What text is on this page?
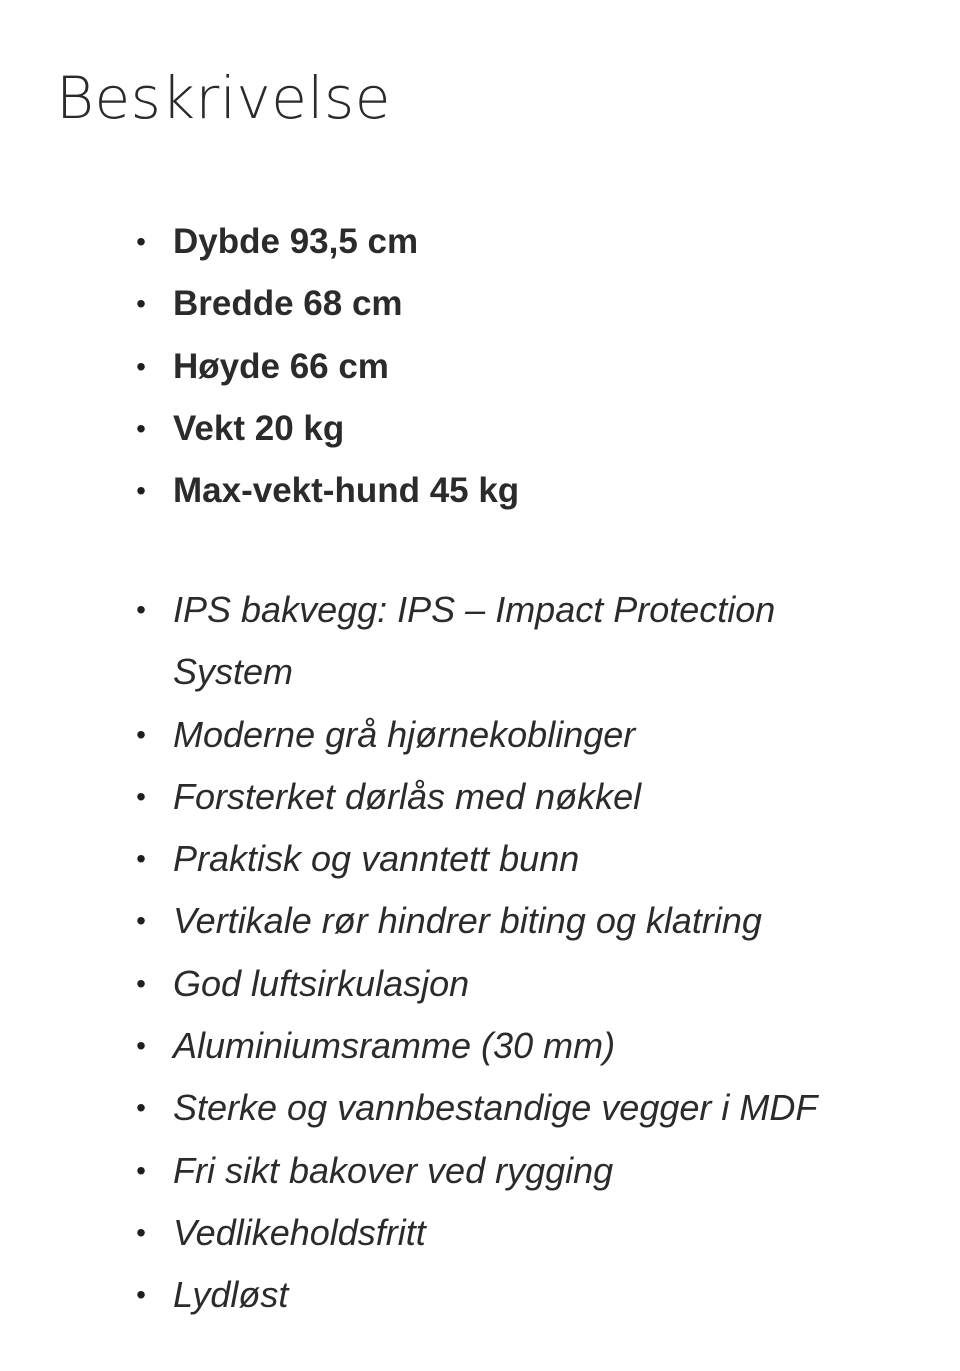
Beskrivelse
• Dybde 93,5 cm
• Bredde 68 cm
• Høyde 66 cm
• Vekt 20 kg
• Max-vekt-hund 45 kg
• IPS bakvegg: IPS – Impact Protection System
• Moderne grå hjørnekoblinger
• Forsterket dørlås med nøkkel
• Praktisk og vanntett bunn
• Vertikale rør hindrer biting og klatring
• God luftsirkulasjon
• Aluminiumsramme (30 mm)
• Sterke og vannbestandige vegger i MDF
• Fri sikt bakover ved rygging
• Vedlikeholdsfritt
• Lydløst
